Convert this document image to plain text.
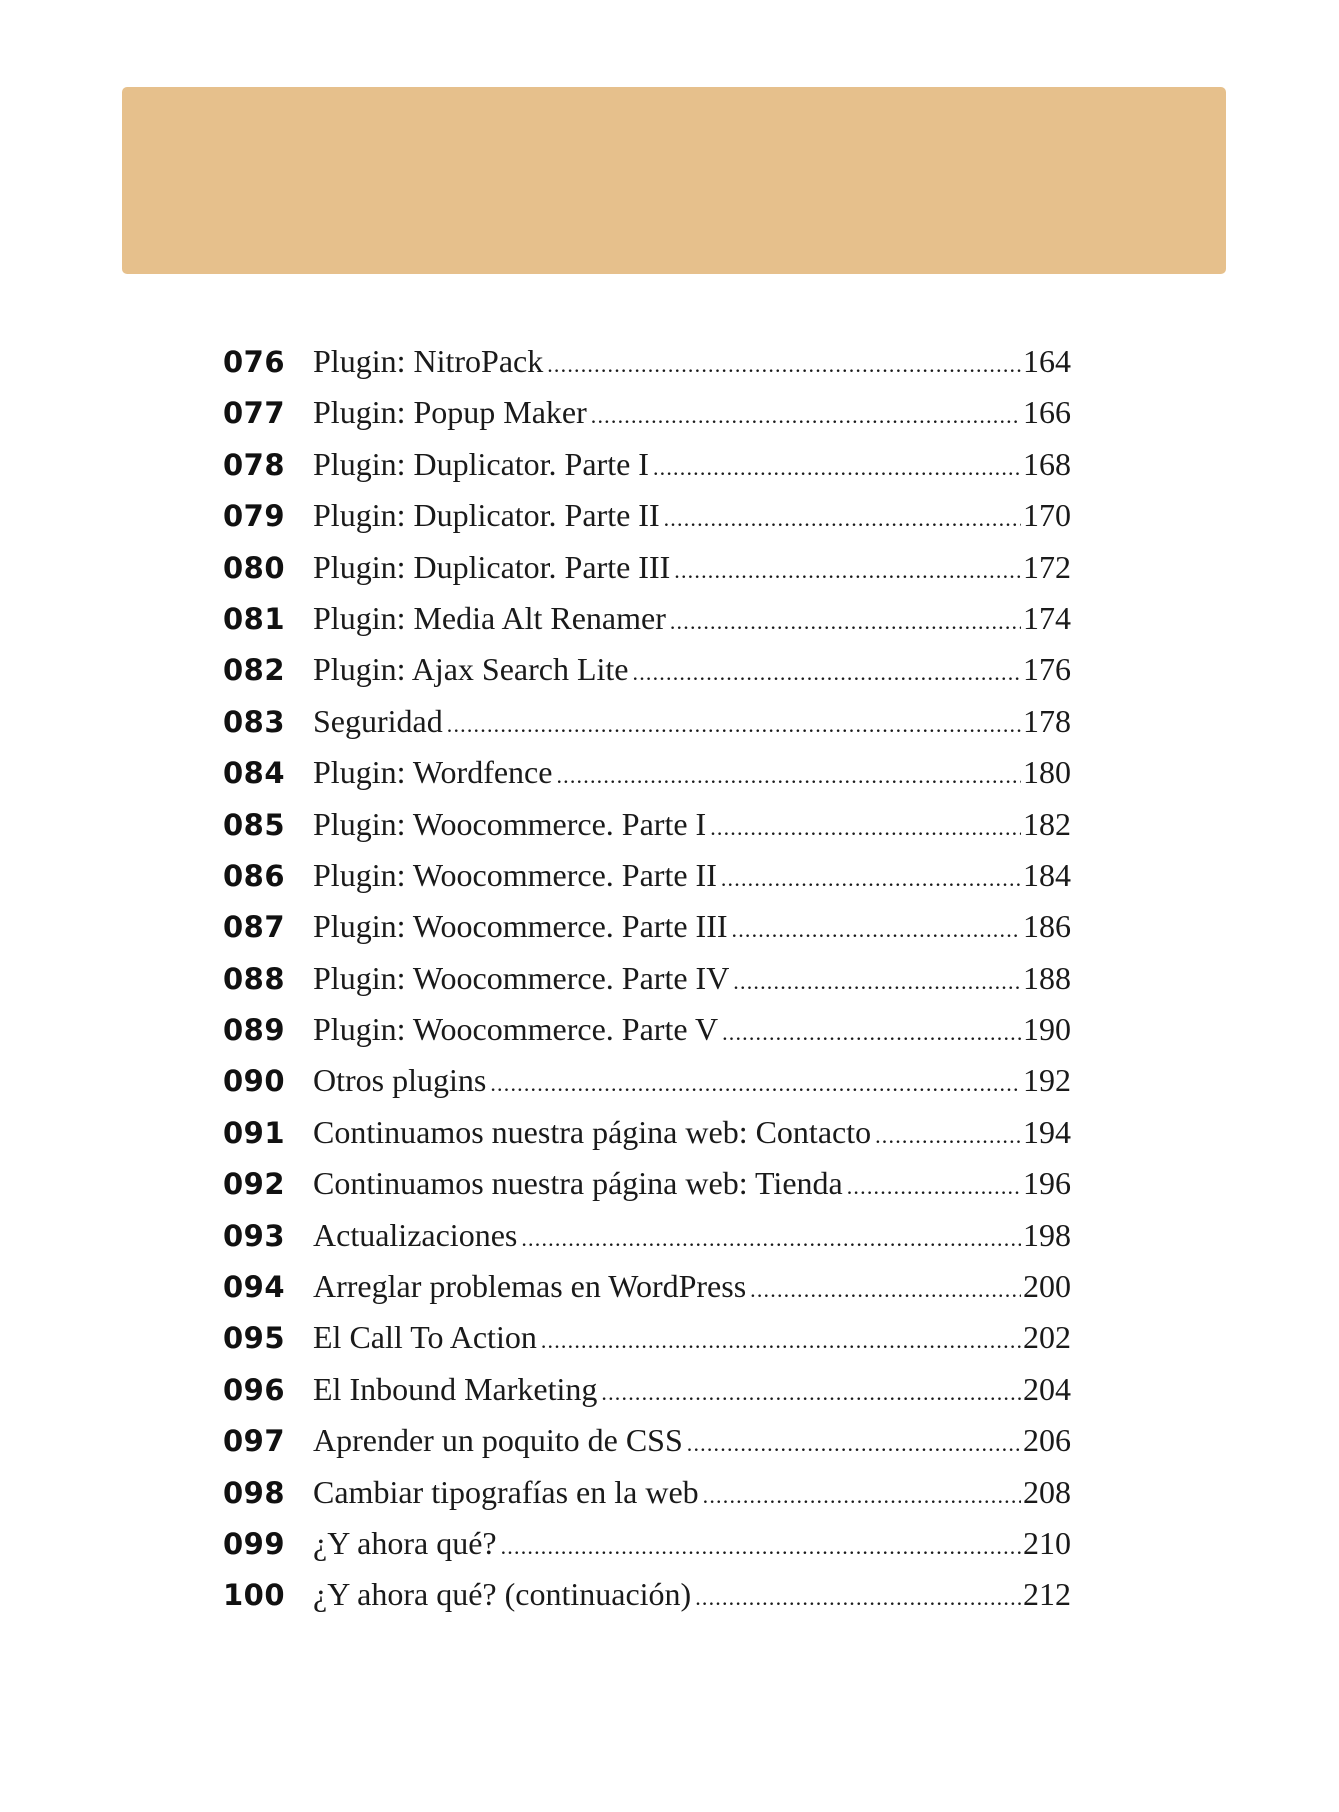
076 Plugin: NitroPack .....	164
077 Plugin: Popup Maker .....	166
078 Plugin: Duplicator. Parte I .....	168
079 Plugin: Duplicator. Parte II .....	170
080 Plugin: Duplicator. Parte III .....	172
081 Plugin: Media Alt Renamer .....	174
082 Plugin: Ajax Search Lite .....	176
083 Seguridad .....	178
084 Plugin: Wordfence .....	180
085 Plugin: Woocommerce. Parte I .....	182
086 Plugin: Woocommerce. Parte II .....	184
087 Plugin: Woocommerce. Parte III .....	186
088 Plugin: Woocommerce. Parte IV .....	188
089 Plugin: Woocommerce. Parte V .....	190
090 Otros plugins .....	192
091 Continuamos nuestra página web: Contacto .....	194
092 Continuamos nuestra página web: Tienda .....	196
093 Actualizaciones .....	198
094 Arreglar problemas en WordPress .....	200
095 El Call To Action .....	202
096 El Inbound Marketing .....	204
097 Aprender un poquito de CSS .....	206
098 Cambiar tipografías en la web .....	208
099 ¿Y ahora qué? .....	210
100 ¿Y ahora qué? (continuación) .....	212
